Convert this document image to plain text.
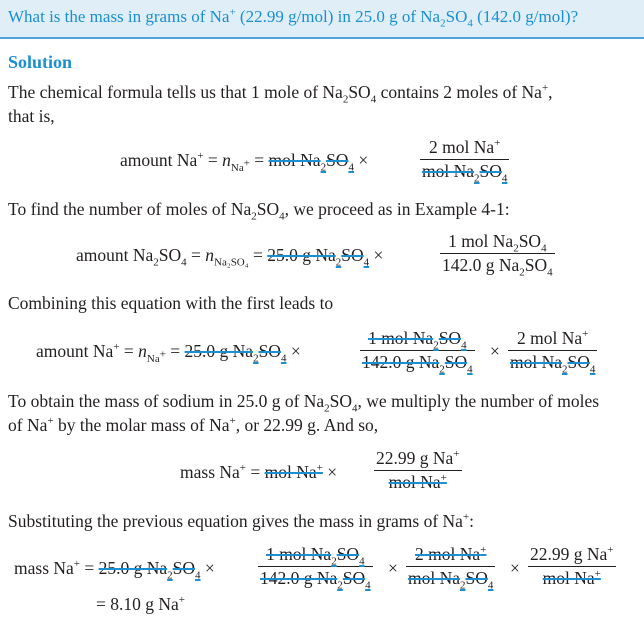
What is the mass in grams of Na+ (22.99 g/mol) in 25.0 g of $Na_2SO_4$ (142.0 g/mol)?
Solution
The chemical formula tells us that 1 mole of $Na_2SO_4$ contains 2 moles of Na+,
that is,
amount $Na^+ = n_{Na^+}$ = mol $Na_2SO_4$ ×
2 mol Na+
mol $Na_2SO_4$
To find the number of moles of $Na_2SO_4$, we proceed as in Example 4-1:
amount $Na_2SO_4 = n_{Na_2SO_4} = 25.0$ g $Na_2SO_4$ ×
1 mol $Na_2SO_4$
142.0 g $Na_2SO_4$
Combining this equation with the first leads to
amount $Na^+ = n_{Na^+} = 25.0$ g $Na_2SO_4$ ×
1 mol $Na_2SO_4$
142.0 g $Na_2SO_4$
×
2 mol Na+
mol $Na_2SO_4$
To obtain the mass of sodium in 25.0 g of $Na_2SO_4$, we multiply the number of moles
of Na+ by the molar mass of Na+, or 22.99 g. And so,
mass Na+ = mol Na+ ×
22.99 g Na+
mol Na+
Substituting the previous equation gives the mass in grams of Na+:
mass Na+ = 25.0 g $Na_2SO_4$ ×
1 mol $Na_2SO_4$
142.0 g $Na_2SO_4$
×
2 mol Na+
mol $Na_2SO_4$
×
22.99 g Na+
mol Na+
= 8.10 g Na+
